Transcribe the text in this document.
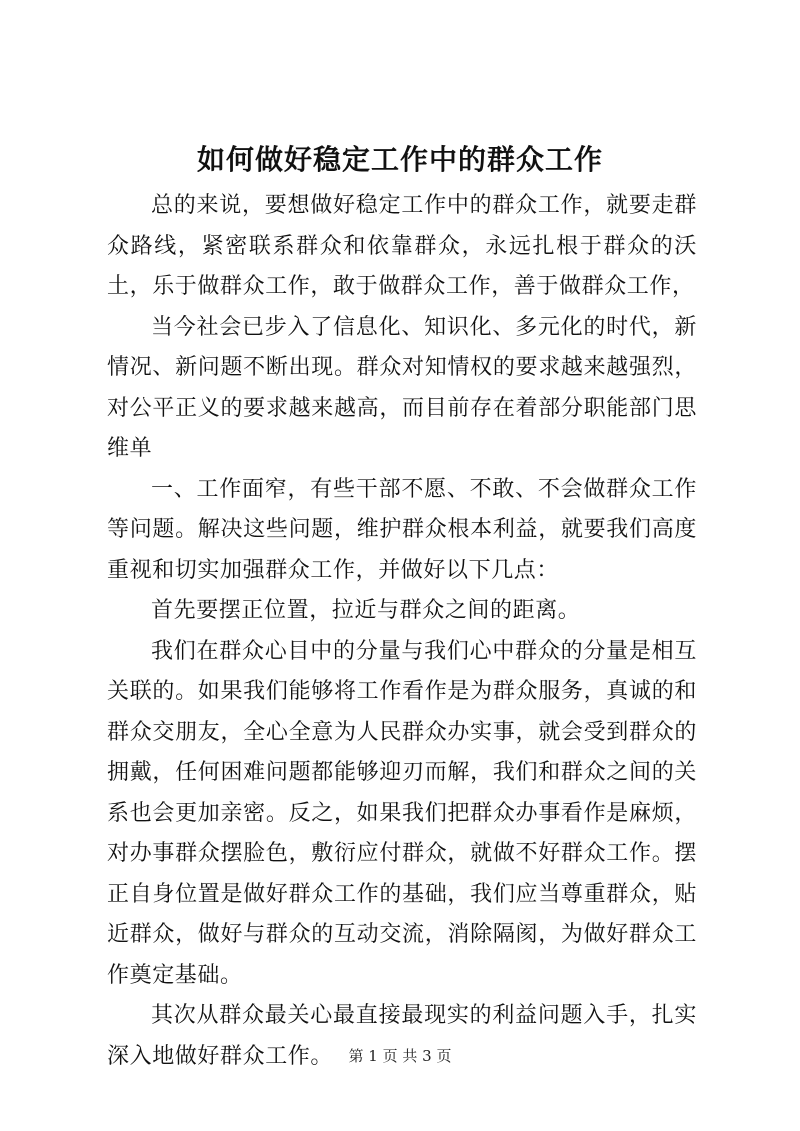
如何做好稳定工作中的群众工作

总的来说，要想做好稳定工作中的群众工作，就要走群众路线，紧密联系群众和依靠群众，永远扎根于群众的沃土，乐于做群众工作，敢于做群众工作，善于做群众工作，

当今社会已步入了信息化、知识化、多元化的时代，新情况、新问题不断出现。群众对知情权的要求越来越强烈，对公平正义的要求越来越高，而目前存在着部分职能部门思维单

一、工作面窄，有些干部不愿、不敢、不会做群众工作等问题。解决这些问题，维护群众根本利益，就要我们高度重视和切实加强群众工作，并做好以下几点：

首先要摆正位置，拉近与群众之间的距离。

我们在群众心目中的分量与我们心中群众的分量是相互关联的。如果我们能够将工作看作是为群众服务，真诚的和群众交朋友，全心全意为人民群众办实事，就会受到群众的拥戴，任何困难问题都能够迎刃而解，我们和群众之间的关系也会更加亲密。反之，如果我们把群众办事看作是麻烦，对办事群众摆脸色，敷衍应付群众，就做不好群众工作。摆正自身位置是做好群众工作的基础，我们应当尊重群众，贴近群众，做好与群众的互动交流，消除隔阂，为做好群众工作奠定基础。

其次从群众最关心最直接最现实的利益问题入手，扎实深入地做好群众工作。	第 1 页 共 3 页
